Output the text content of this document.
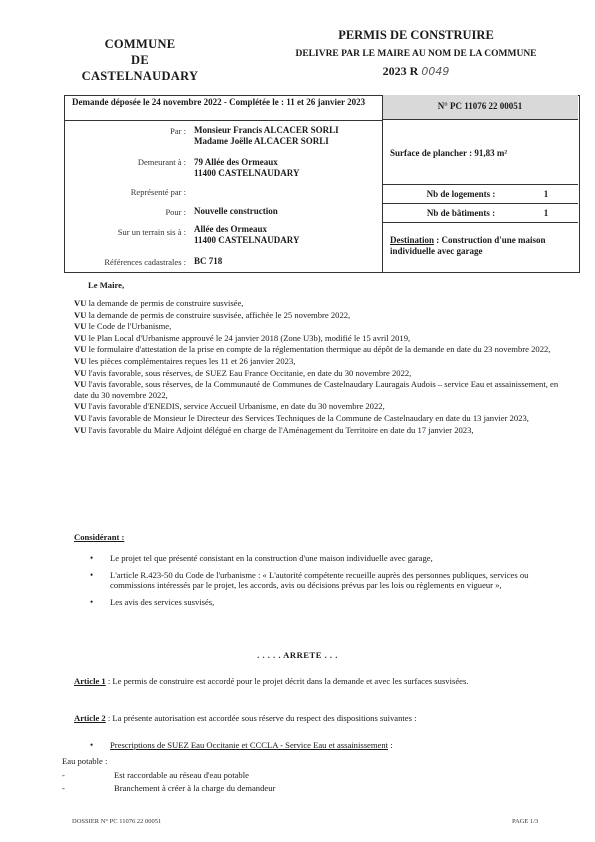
COMMUNE
DE
CASTELNAUDARY
PERMIS DE CONSTRUIRE
DELIVRE PAR LE MAIRE AU NOM DE LA COMMUNE
2023 R 0049
Demande déposée le 24 novembre 2022 - Complétée le : 11 et 26 janvier 2023	N° PC 11076 22 00051
Par : Monsieur Francis ALCACER SORLI
Madame Joëlle ALCACER SORLI
Demeurant à : 79 Allée des Ormeaux
11400 CASTELNAUDARY
Représenté par :
Pour : Nouvelle construction
Sur un terrain sis à : Allée des Ormeaux
11400 CASTELNAUDARY
Références cadastrales : BC 718
Surface de plancher : 91,83 m²
Nb de logements :	1
Nb de bâtiments :	1
Destination : Construction d'une maison individuelle avec garage
Le Maire,
VU la demande de permis de construire susvisée,
VU la demande de permis de construire susvisée, affichée le 25 novembre 2022,
VU le Code de l'Urbanisme,
VU le Plan Local d'Urbanisme approuvé le 24 janvier 2018 (Zone U3b), modifié le 15 avril 2019,
VU le formulaire d'attestation de la prise en compte de la réglementation thermique au dépôt de la demande en date du 23 novembre 2022,
VU les pièces complémentaires reçues les 11 et 26 janvier 2023,
VU l'avis favorable, sous réserves, de SUEZ Eau France Occitanie, en date du 30 novembre 2022,
VU l'avis favorable, sous réserves, de la Communauté de Communes de Castelnaudary Lauragais Audois – service Eau et assainissement, en date du 30 novembre 2022,
VU l'avis favorable d'ENEDIS, service Accueil Urbanisme, en date du 30 novembre 2022,
VU l'avis favorable de Monsieur le Directeur des Services Techniques de la Commune de Castelnaudary en date du 13 janvier 2023,
VU l'avis favorable du Maire Adjoint délégué en charge de l'Aménagement du Territoire en date du 17 janvier 2023,
Considérant :
•	Le projet tel que présenté consistant en la construction d'une maison individuelle avec garage,
•	L'article R.423-50 du Code de l'urbanisme : « L'autorité compétente recueille auprès des personnes publiques, services ou commissions intéressés par le projet, les accords, avis ou décisions prévus par les lois ou règlements en vigueur »,
•	Les avis des services susvisés,
. . . . . ARRETE . . .
Article 1 : Le permis de construire est accordé pour le projet décrit dans la demande et avec les surfaces susvisées.
Article 2 : La présente autorisation est accordée sous réserve du respect des dispositions suivantes :
•	Prescriptions de SUEZ Eau Occitanie et CCCLA - Service Eau et assainissement :
Eau potable :
-	Est raccordable au réseau d'eau potable
-	Branchement à créer à la charge du demandeur
DOSSIER N° PC 11076 22 00051	PAGE 1/3
